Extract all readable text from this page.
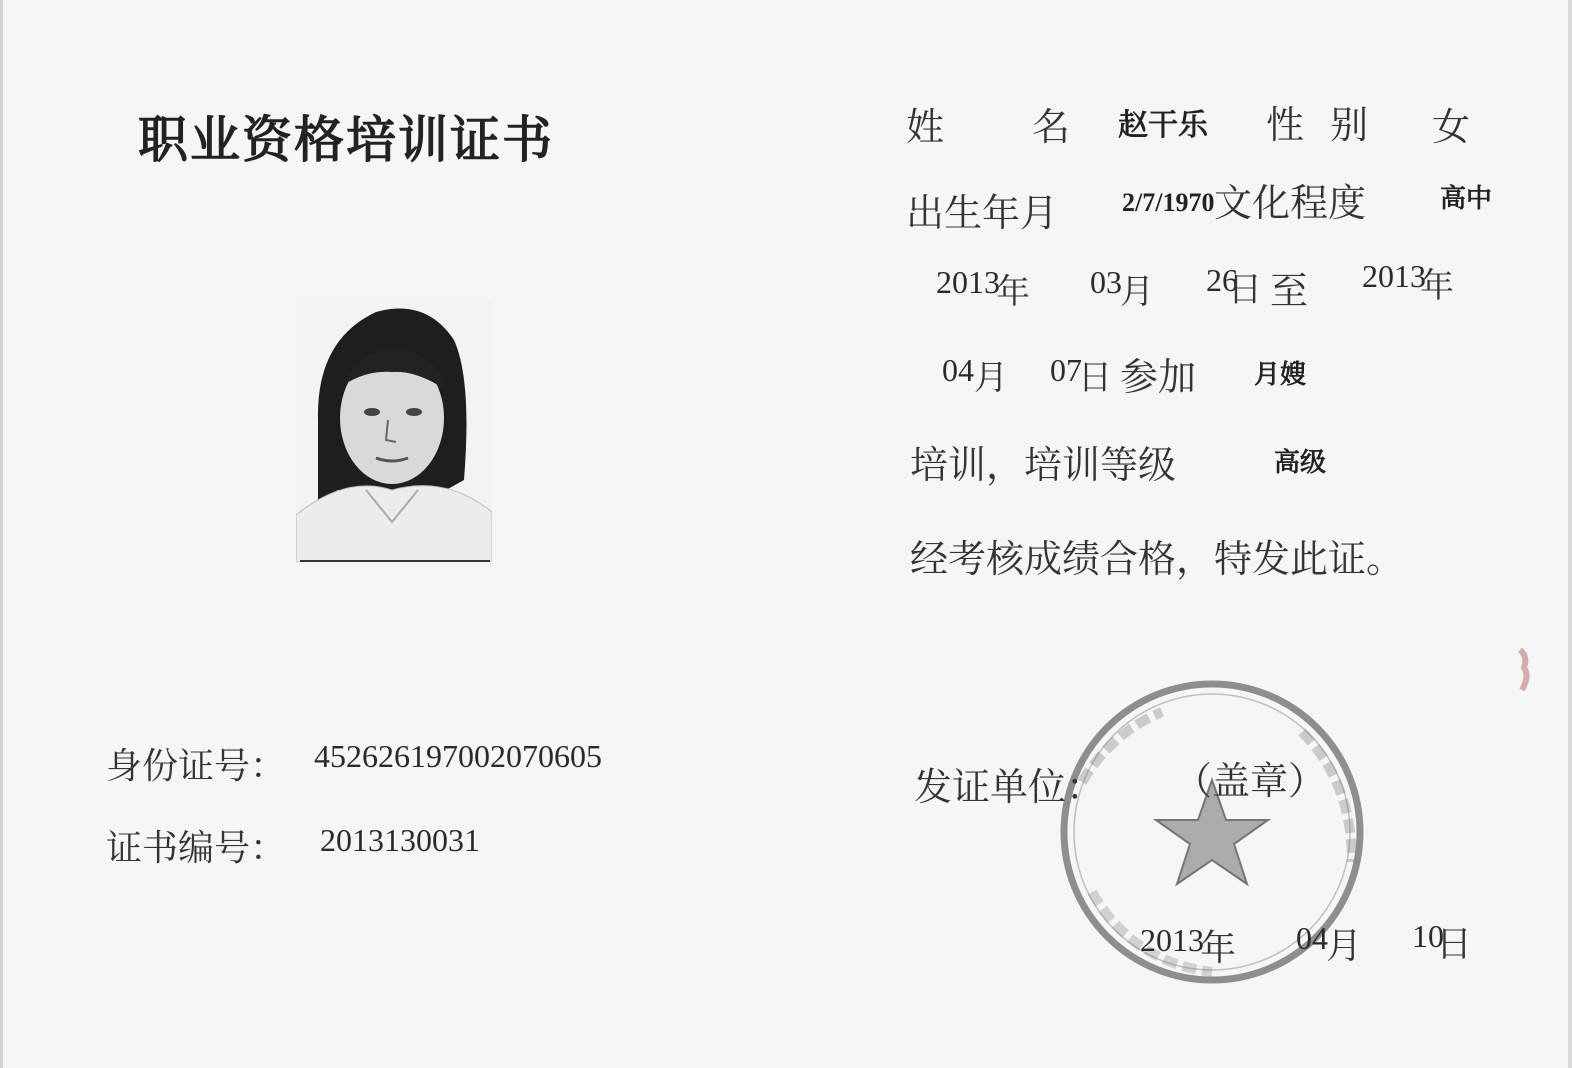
职业资格培训证书
身份证号： 452626197002070605
证书编号： 2013130031
姓 名 赵干乐 性 别 女
出生年月 2/7/1970 文化程度	高中
2013
年 03
月 26
日 至 2013
年
04 月 07
日 参加 月嫂
培训，培训等级	高级
经考核成绩合格，特发此证。
发证单位： （盖章）
2013
年 04
月 10
日
